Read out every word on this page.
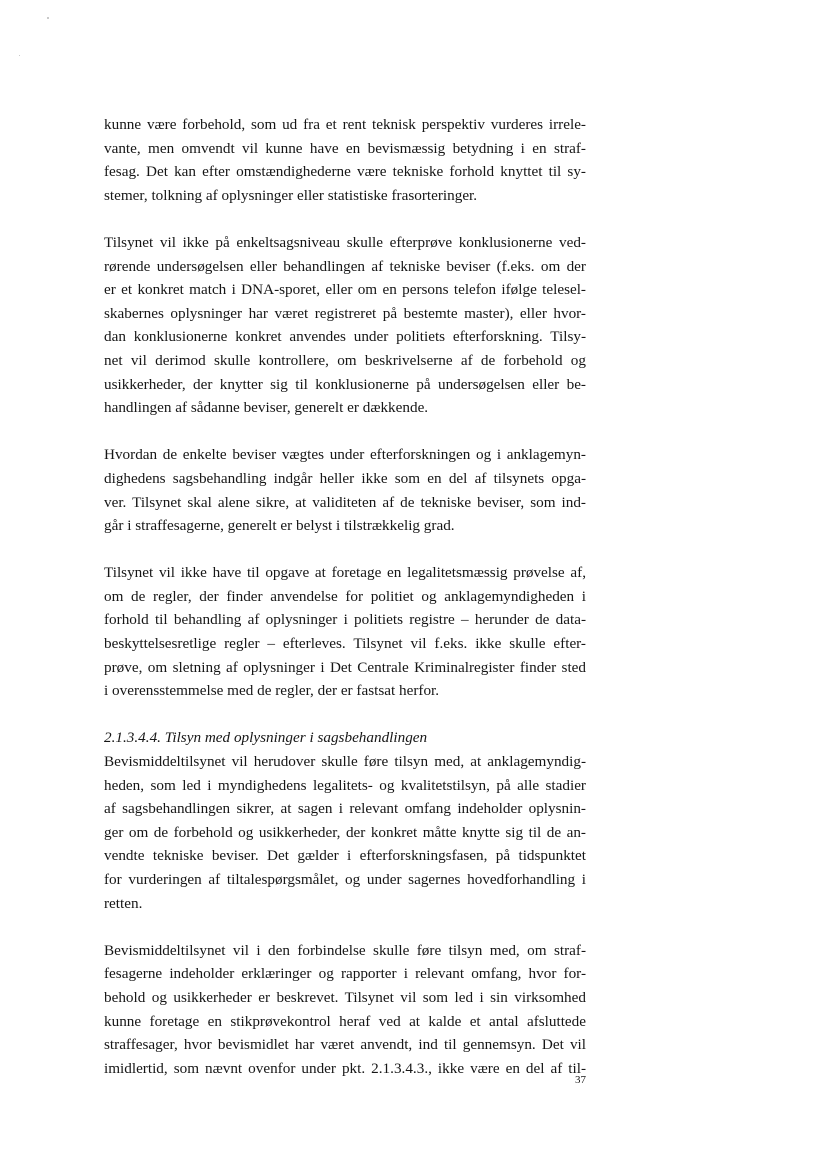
kunne være forbehold, som ud fra et rent teknisk perspektiv vurderes irrele-
vante, men omvendt vil kunne have en bevismæssig betydning i en straf-
fesag. Det kan efter omstændighederne være tekniske forhold knyttet til sy-
stemer, tolkning af oplysninger eller statistiske frasorteringer.

Tilsynet vil ikke på enkeltsagsniveau skulle efterprøve konklusionerne ved-
rørende undersøgelsen eller behandlingen af tekniske beviser (f.eks. om der
er et konkret match i DNA-sporet, eller om en persons telefon ifølge telesel-
skabernes oplysninger har været registreret på bestemte master), eller hvor-
dan konklusionerne konkret anvendes under politiets efterforskning. Tilsy-
net vil derimod skulle kontrollere, om beskrivelserne af de forbehold og
usikkerheder, der knytter sig til konklusionerne på undersøgelsen eller be-
handlingen af sådanne beviser, generelt er dækkende.

Hvordan de enkelte beviser vægtes under efterforskningen og i anklagemyn-
dighedens sagsbehandling indgår heller ikke som en del af tilsynets opga-
ver. Tilsynet skal alene sikre, at validiteten af de tekniske beviser, som ind-
går i straffesagerne, generelt er belyst i tilstrækkelig grad.

Tilsynet vil ikke have til opgave at foretage en legalitetsmæssig prøvelse af,
om de regler, der finder anvendelse for politiet og anklagemyndigheden i
forhold til behandling af oplysninger i politiets registre – herunder de data-
beskyttelsesretlige regler – efterleves. Tilsynet vil f.eks. ikke skulle efter-
prøve, om sletning af oplysninger i Det Centrale Kriminalregister finder sted
i overensstemmelse med de regler, der er fastsat herfor.

2.1.3.4.4. Tilsyn med oplysninger i sagsbehandlingen

Bevismiddeltilsynet vil herudover skulle føre tilsyn med, at anklagemyndig-
heden, som led i myndighedens legalitets- og kvalitetstilsyn, på alle stadier
af sagsbehandlingen sikrer, at sagen i relevant omfang indeholder oplysnin-
ger om de forbehold og usikkerheder, der konkret måtte knytte sig til de an-
vendte tekniske beviser. Det gælder i efterforskningsfasen, på tidspunktet
for vurderingen af tiltalespørgsmålet, og under sagernes hovedforhandling i
retten.

Bevismiddeltilsynet vil i den forbindelse skulle føre tilsyn med, om straf-
fesagerne indeholder erklæringer og rapporter i relevant omfang, hvor for-
behold og usikkerheder er beskrevet. Tilsynet vil som led i sin virksomhed
kunne foretage en stikprøvekontrol heraf ved at kalde et antal afsluttede
straffesager, hvor bevismidlet har været anvendt, ind til gennemsyn. Det vil
imidlertid, som nævnt ovenfor under pkt. 2.1.3.4.3., ikke være en del af til-

37
